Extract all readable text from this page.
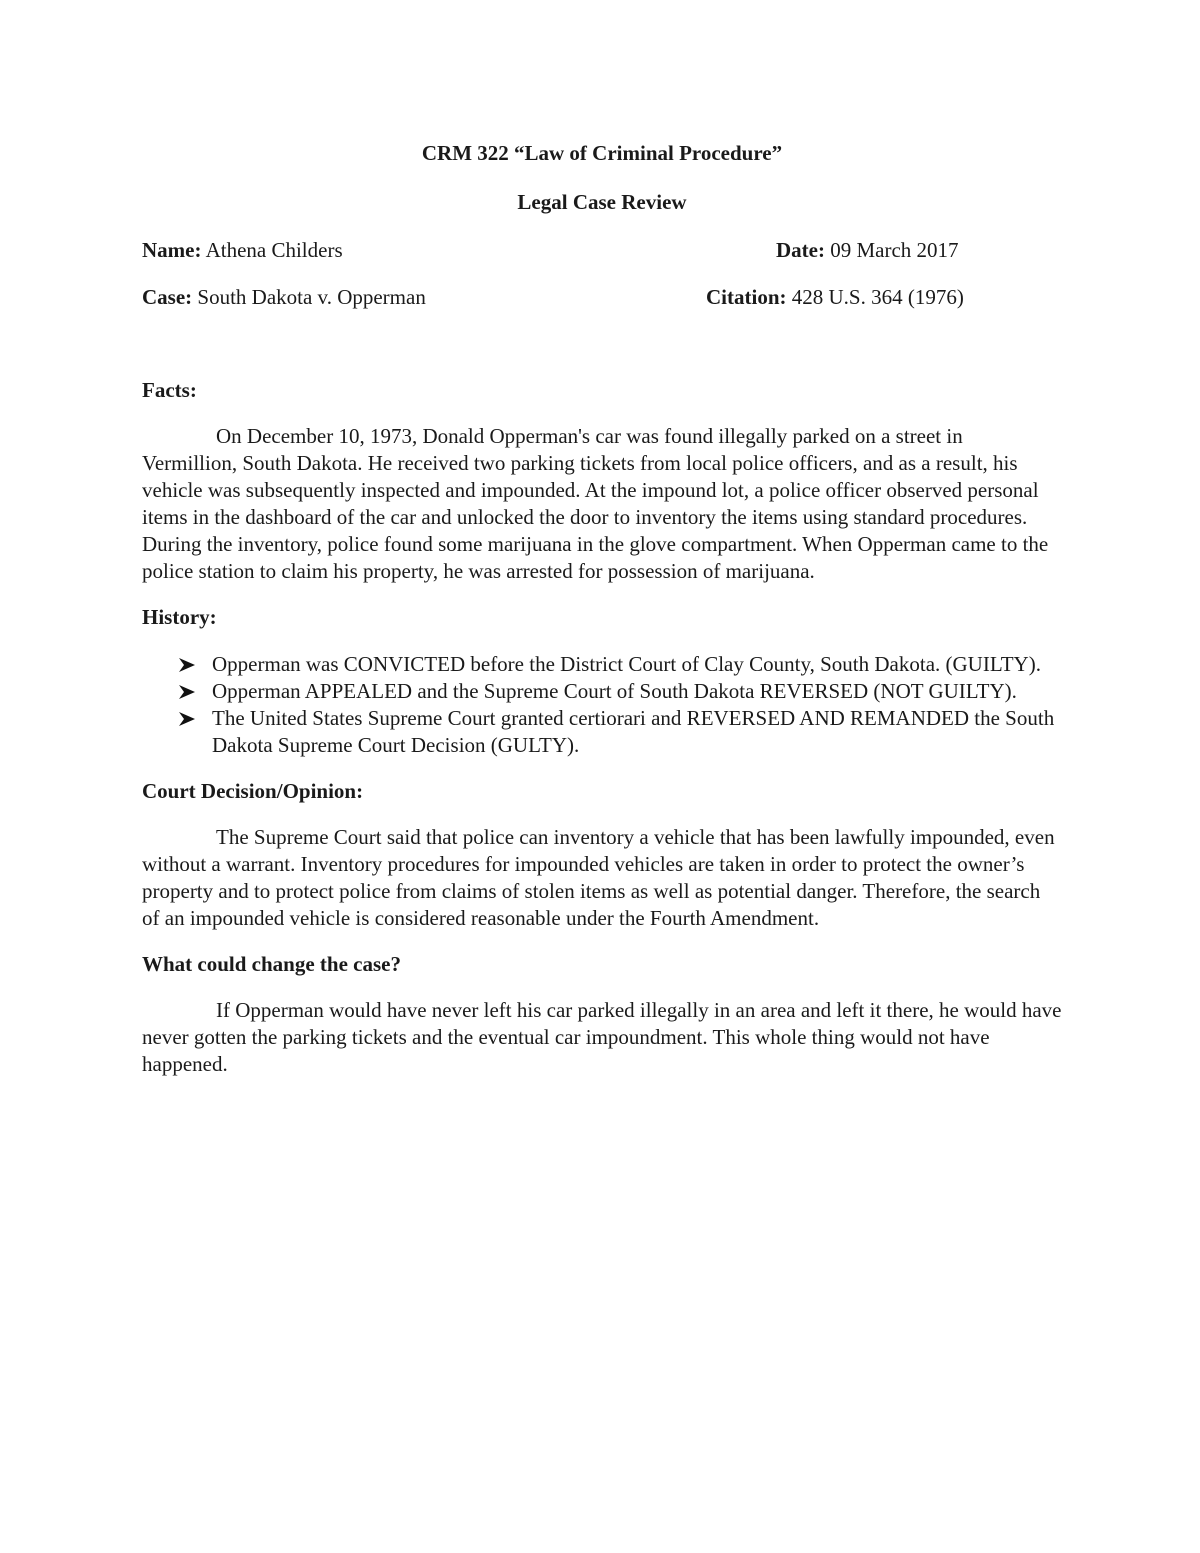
CRM 322 “Law of Criminal Procedure”
Legal Case Review
Name: Athena Childers	Date: 09 March 2017
Case: South Dakota v. Opperman	Citation: 428 U.S. 364 (1976)
Facts:

On December 10, 1973, Donald Opperman's car was found illegally parked on a street in Vermillion, South Dakota. He received two parking tickets from local police officers, and as a result, his vehicle was subsequently inspected and impounded. At the impound lot, a police officer observed personal items in the dashboard of the car and unlocked the door to inventory the items using standard procedures. During the inventory, police found some marijuana in the glove compartment. When Opperman came to the police station to claim his property, he was arrested for possession of marijuana.

History:
Opperman was CONVICTED before the District Court of Clay County, South Dakota. (GUILTY).
Opperman APPEALED and the Supreme Court of South Dakota REVERSED (NOT GUILTY).
The United States Supreme Court granted certiorari and REVERSED AND REMANDED the South Dakota Supreme Court Decision (GULTY).
Court Decision/Opinion:

The Supreme Court said that police can inventory a vehicle that has been lawfully impounded, even without a warrant. Inventory procedures for impounded vehicles are taken in order to protect the owner’s property and to protect police from claims of stolen items as well as potential danger. Therefore, the search of an impounded vehicle is considered reasonable under the Fourth Amendment.

What could change the case?

If Opperman would have never left his car parked illegally in an area and left it there, he would have never gotten the parking tickets and the eventual car impoundment. This whole thing would not have happened.
